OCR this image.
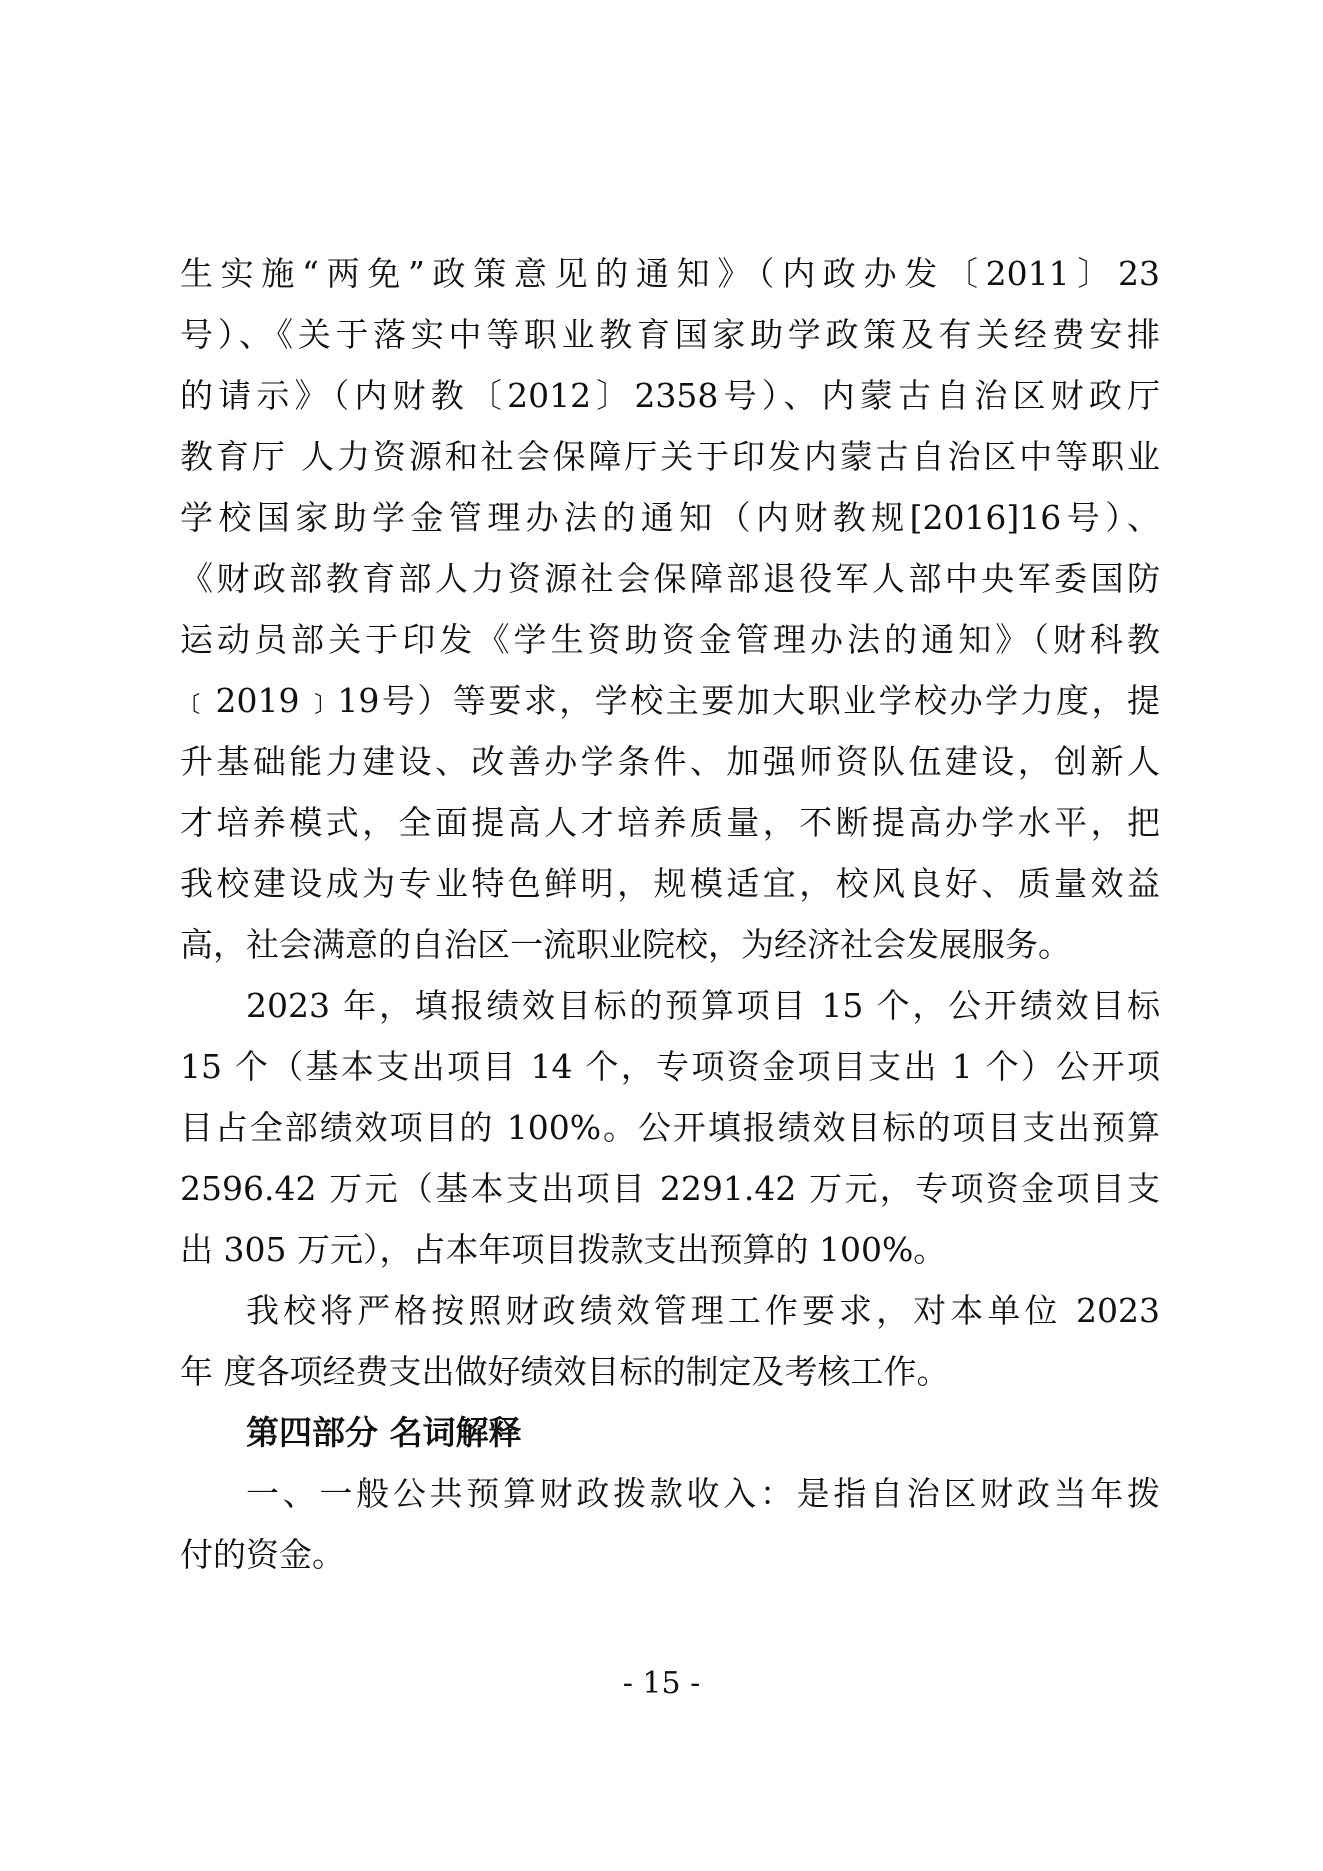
生实施“两免”政策意见的通知》（内政办发〔2011〕23
号）、《关于落实中等职业教育国家助学政策及有关经费安排
的请示》（内财教〔2012〕2358号）、内蒙古自治区财政厅
教育厅 人力资源和社会保障厅关于印发内蒙古自治区中等职业
学校国家助学金管理办法的通知（内财教规[2016]16号）、
《财政部教育部人力资源社会保障部退役军人部中央军委国防
运动员部关于印发《学生资助资金管理办法的通知》（财科教
﹝2019﹞19号）等要求，学校主要加大职业学校办学力度，提
升基础能力建设、改善办学条件、加强师资队伍建设，创新人
才培养模式，全面提高人才培养质量，不断提高办学水平，把
我校建设成为专业特色鲜明，规模适宜，校风良好、质量效益
高，社会满意的自治区一流职业院校，为经济社会发展服务。
2023 年，填报绩效目标的预算项目 15 个，公开绩效目标
15 个（基本支出项目 14 个，专项资金项目支出 1 个）公开项
目占全部绩效项目的 100%。公开填报绩效目标的项目支出预算
2596.42 万元（基本支出项目 2291.42 万元，专项资金项目支
出 305 万元），占本年项目拨款支出预算的 100%。
我校将严格按照财政绩效管理工作要求，对本单位 2023
年 度各项经费支出做好绩效目标的制定及考核工作。
第四部分 名词解释
一、一般公共预算财政拨款收入：是指自治区财政当年拨
付的资金。
- 15 -
